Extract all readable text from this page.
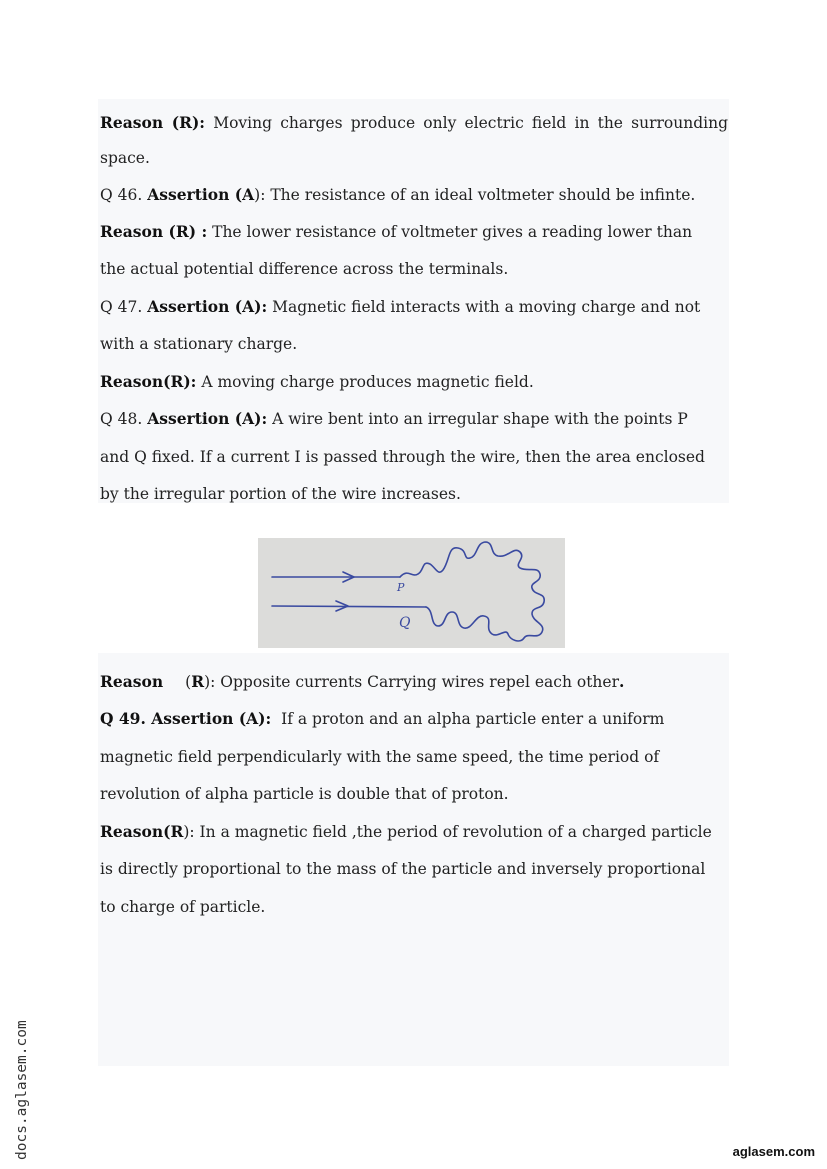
Reason (R): Moving charges produce only electric field in the surrounding
space.
Q 46. Assertion (A): The resistance of an ideal voltmeter should be infinte.
Reason (R) : The lower resistance of voltmeter gives a reading lower than
the actual potential difference across the terminals.
Q 47. Assertion (A): Magnetic field interacts with a moving charge and not
with a stationary charge.
Reason(R): A moving charge produces magnetic field.
Q 48. Assertion (A): A wire bent into an irregular shape with the points P
and Q fixed. If a current I is passed through the wire, then the area enclosed
by the irregular portion of the wire increases.
P
Q
Reason (R): Opposite currents Carrying wires repel each other.
Q 49. Assertion (A):  If a proton and an alpha particle enter a uniform
magnetic field perpendicularly with the same speed, the time period of
revolution of alpha particle is double that of proton.
Reason(R): In a magnetic field ,the period of revolution of a charged particle
is directly proportional to the mass of the particle and inversely proportional
to charge of particle.
docs.aglasem.com	aglasem.com
